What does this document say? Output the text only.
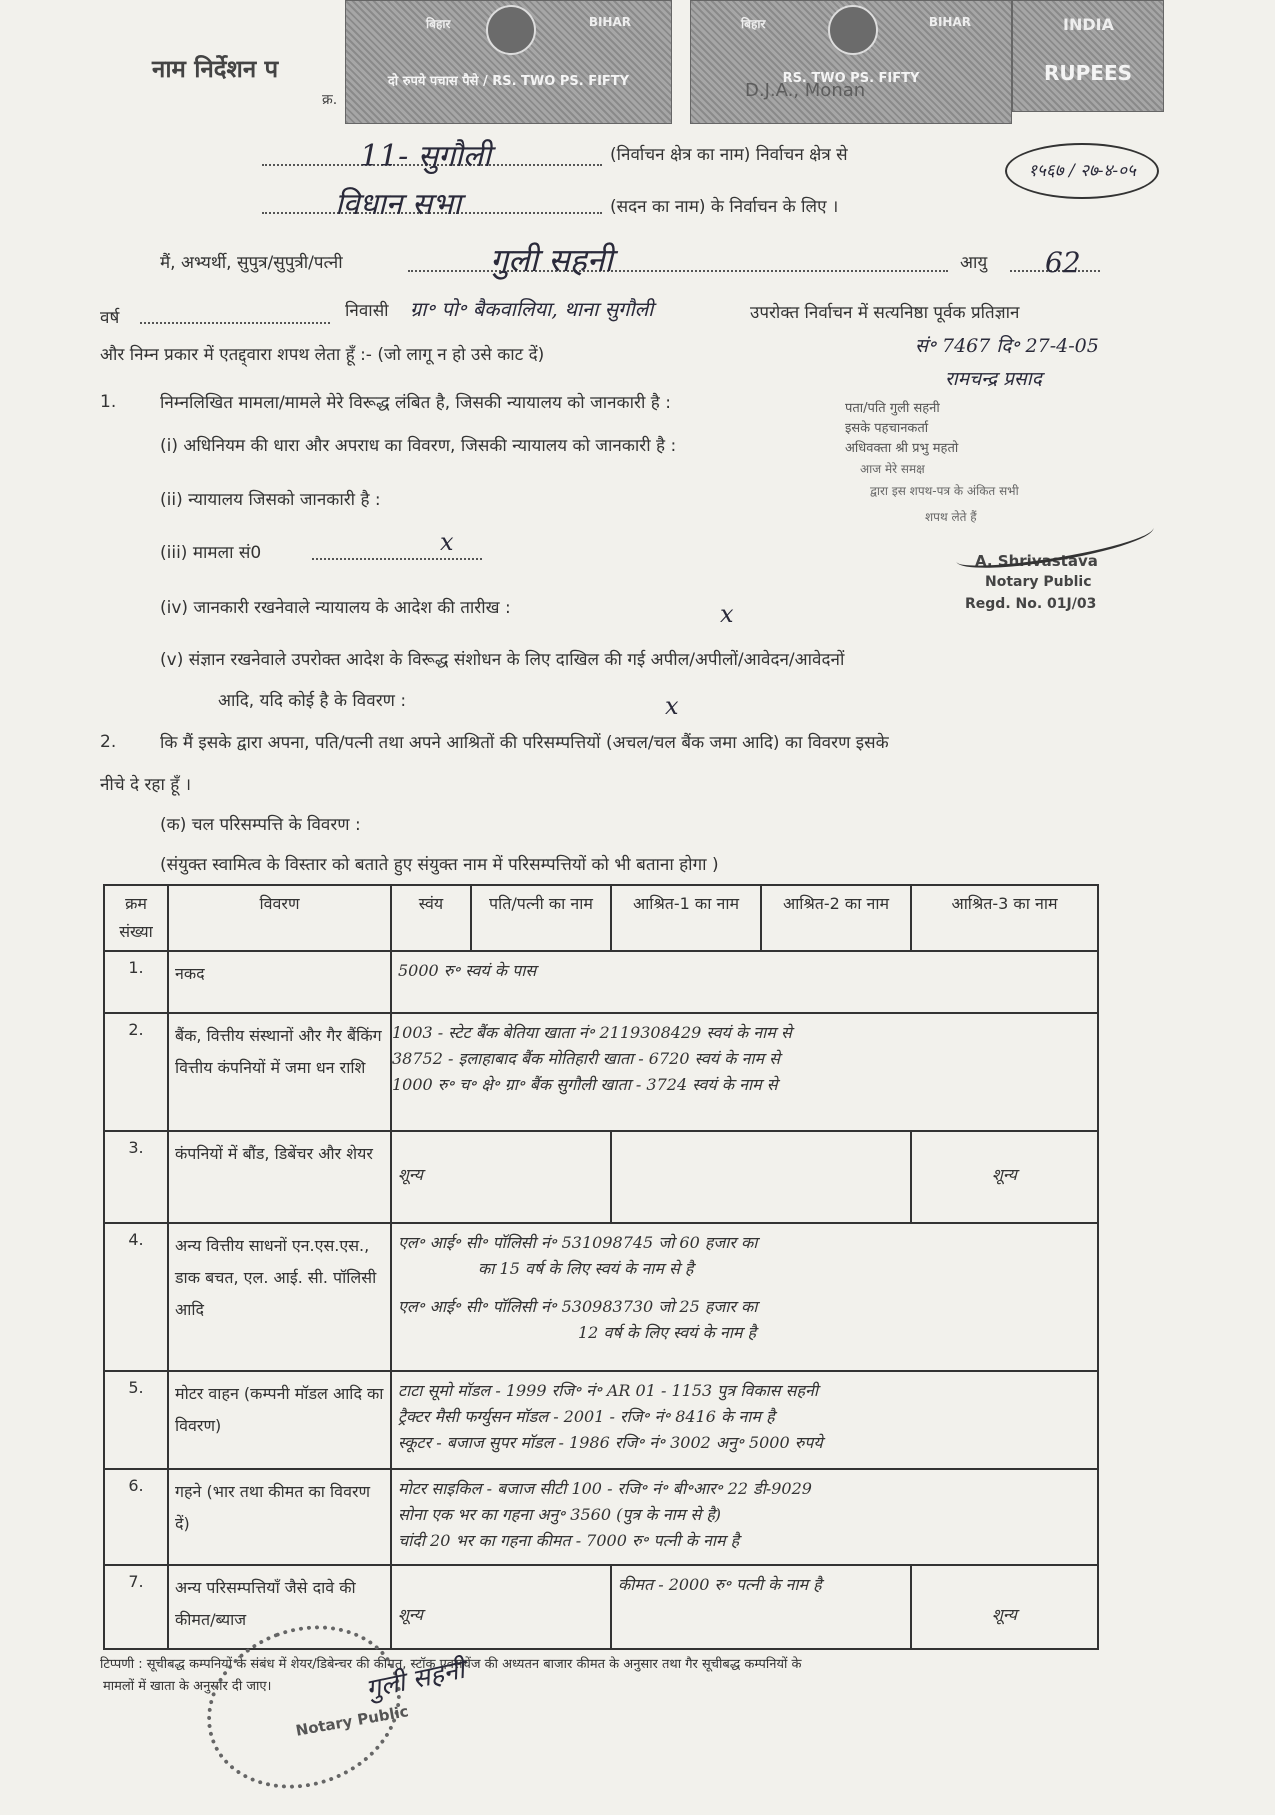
बिहार	BIHAR
दो रुपये पचास पैसे / RS. TWO PS. FIFTY
बिहार	BIHAR
RS. TWO PS. FIFTY
INDIA
RUPEES
D.J.A., Monan
नाम निर्देशन प
क्र.
१५६७ / २७-४-०५
11- सुगौली	(निर्वाचन क्षेत्र का नाम) निर्वाचन क्षेत्र से
विधान सभा	(सदन का नाम) के निर्वाचन के लिए ।
मैं, अभ्यर्थी, सुपुत्र/सुपुत्री/पत्नी	गुली सहनी	आयु 62
वर्ष	निवासी ग्रा॰ पो॰ बैकवालिया, थाना सुगौली	उपरोक्त निर्वाचन में सत्यनिष्ठा पूर्वक प्रतिज्ञान
और निम्न प्रकार में एतद्द्वारा शपथ लेता हूँ :- (जो लागू न हो उसे काट दें)
1.	निम्नलिखित मामला/मामले मेरे विरूद्ध लंबित है, जिसकी न्यायालय को जानकारी है :
(i) अधिनियम की धारा और अपराध का विवरण, जिसकी न्यायालय को जानकारी है :
(ii) न्यायालय जिसको जानकारी है :
(iii) मामला सं0	x
(iv) जानकारी रखनेवाले न्यायालय के आदेश की तारीख :	x
(v) संज्ञान रखनेवाले उपरोक्त आदेश के विरूद्ध संशोधन के लिए दाखिल की गई अपील/अपीलों/आवेदन/आवेदनों
आदि, यदि कोई है के विवरण :	x
सं॰ 7467 दि॰ 27-4-05
रामचन्द्र प्रसाद
पता/पति गुली सहनी
इसके पहचानकर्ता
अधिवक्ता श्री प्रभु महतो
आज मेरे समक्ष
द्वारा इस शपथ-पत्र के अंकित सभी
शपथ लेते हैं
A. Shrivastava
Notary Public
Regd. No. 01J/03
2.	कि मैं इसके द्वारा अपना, पति/पत्नी तथा अपने आश्रितों की परिसम्पत्तियों (अचल/चल बैंक जमा आदि) का विवरण इसके
नीचे दे रहा हूँ ।
(क) चल परिसम्पत्ति के विवरण :
(संयुक्त स्वामित्व के विस्तार को बताते हुए संयुक्त नाम में परिसम्पत्तियों को भी बताना होगा )
क्रम संख्या	विवरण	स्वंय	पति/पत्नी का नाम	आश्रित-1 का नाम	आश्रित-2 का नाम	आश्रित-3 का नाम
1.	नकद	5000 रु॰ स्वयं के पास				

2.	बैंक, वित्तीय संस्थानों और गैर बैंकिंग वित्तीय कंपनियों में जमा धन राशि	1003 - स्टेट बैंक बेतिया खाता नं॰ 2119308429 स्वयं के नाम से
38752 - इलाहाबाद बैंक मोतिहारी खाता - 6720 स्वयं के नाम से
1000 रु॰ च॰ क्षे॰ ग्रा॰ बैंक सुगौली खाता - 3724 स्वयं के नाम से				

3.	कंपनियों में बौंड, डिबेंचर और शेयर	शून्य				शून्य

4.	अन्य वित्तीय साधनों एन.एस.एस., डाक बचत, एल. आई. सी. पॉलिसी आदि	एल॰ आई॰ सी॰ पॉलिसी नं॰ 531098745 जो 60 हजार का
का 15 वर्ष के लिए स्वयं के नाम से है
एल॰ आई॰ सी॰ पॉलिसी नं॰ 530983730 जो 25 हजार का
12 वर्ष के लिए स्वयं के नाम है				

5.	मोटर वाहन (कम्पनी मॉडल आदि का विवरण)	टाटा सूमो मॉडल - 1999 रजि॰ नं॰ AR 01 - 1153 पुत्र विकास सहनी
ट्रैक्टर मैसी फर्ग्युसन मॉडल - 2001 - रजि॰ नं॰ 8416 के नाम है
स्कूटर - बजाज सुपर मॉडल - 1986 रजि॰ नं॰ 3002 अनु॰ 5000 रुपये				

6.	गहने (भार तथा कीमत का विवरण दें)	मोटर साइकिल - बजाज सीटी 100 - रजि॰ नं॰ बी॰आर॰ 22 डी-9029
सोना एक भर का गहना अनु॰ 3560 (पुत्र के नाम से है)
चांदी 20 भर का गहना कीमत - 7000 रु॰ पत्नी के नाम है				

7.	अन्य परिसम्पत्तियाँ जैसे दावे की कीमत/ब्याज	शून्य		कीमत - 2000 रु॰ पत्नी के नाम है		शून्य
टिप्पणी : सूचीबद्ध कम्पनियों के संबंध में शेयर/डिबेन्चर की कीमत, स्टॉक एक्सचेंज की अध्यतन बाजार कीमत के अनुसार तथा गैर सूचीबद्ध कम्पनियों के
मामलों में खाता के अनुसार दी जाए।
Notary Public
गुली सहनी
